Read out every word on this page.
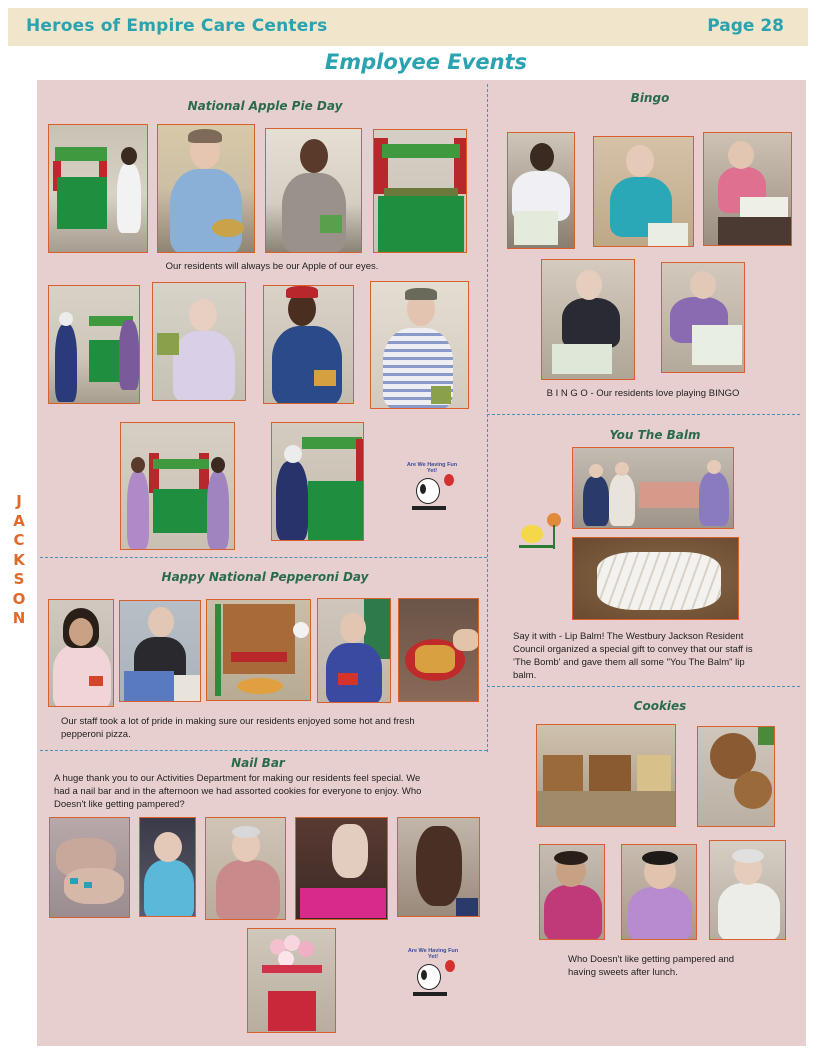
Heroes of Empire Care Centers	Page 28
Employee Events
J
A
C
K
S
O
N
National Apple Pie Day
Our residents will always be our Apple of our eyes.
Are We Having Fun Yet!
Happy National Pepperoni Day
Our staff took a lot of pride in making sure our residents enjoyed some hot and fresh
pepperoni pizza.
Nail Bar
A huge thank you to our Activities Department for making our residents feel special. We
had a nail bar and in the afternoon we had assorted cookies for everyone to enjoy. Who
Doesn't like getting pampered?
Are We Having Fun Yet!
Bingo
B I N G O - Our residents love playing BINGO
You The Balm
Say it with - Lip Balm! The Westbury Jackson Resident
Council organized a special gift to convey that our staff is
'The Bomb' and gave them all some "You The Balm" lip
balm.
Cookies
Who Doesn't like getting pampered and
having sweets after lunch.
